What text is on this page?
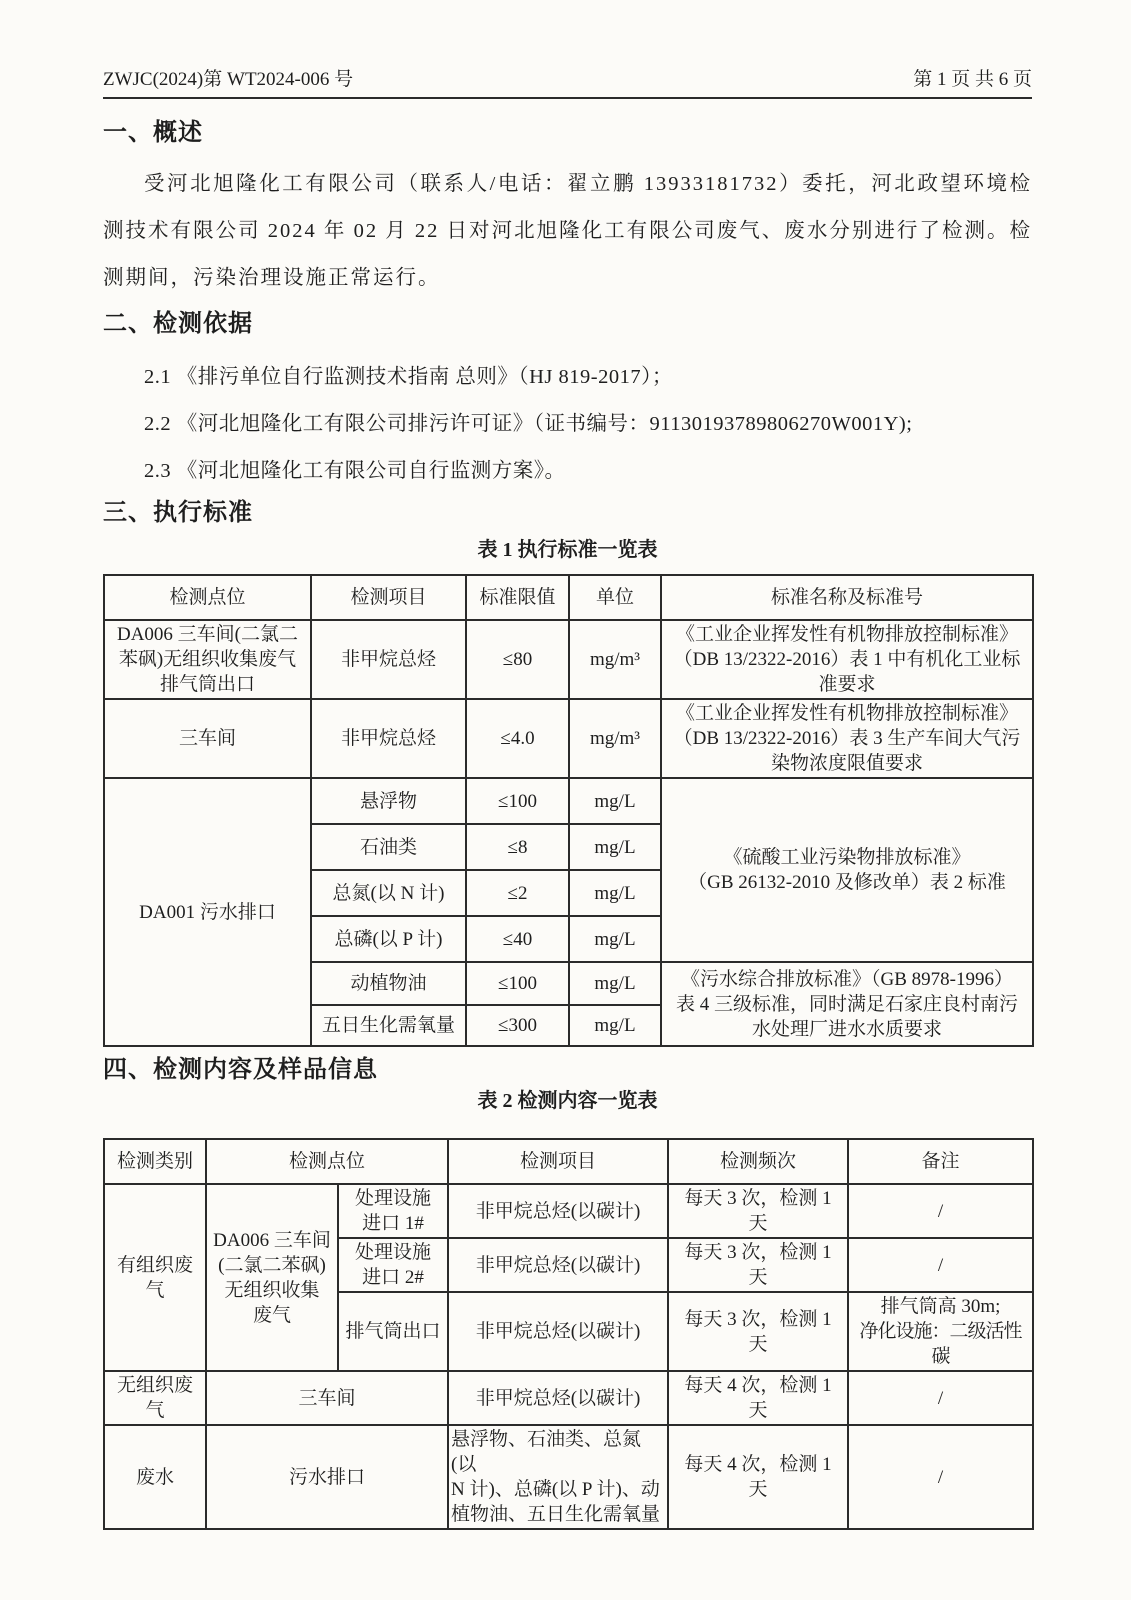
ZWJC(2024)第 WT2024-006 号	第 1 页 共 6 页
一、概述

受河北旭隆化工有限公司（联系人/电话：翟立鹏 13933181732）委托，河北政望环境检测技术有限公司 2024 年 02 月 22 日对河北旭隆化工有限公司废气、废水分别进行了检测。检测期间，污染治理设施正常运行。

二、检测依据

2.1 《排污单位自行监测技术指南 总则》（HJ 819-2017）；

2.2 《河北旭隆化工有限公司排污许可证》（证书编号：91130193789806270W001Y);

2.3 《河北旭隆化工有限公司自行监测方案》。

三、执行标准
表 1 执行标准一览表
检测点位	检测项目	标准限值	单位	标准名称及标准号

DA006 三车间(二氯二
苯砜)无组织收集废气
排气筒出口	非甲烷总烃	≤80	mg/m³	《工业企业挥发性有机物排放控制标准》
（DB 13/2322-2016）表 1 中有机化工业标
准要求

三车间	非甲烷总烃	≤4.0	mg/m³	《工业企业挥发性有机物排放控制标准》
（DB 13/2322-2016）表 3 生产车间大气污
染物浓度限值要求

DA001 污水排口	悬浮物	≤100	mg/L	《硫酸工业污染物排放标准》
（GB 26132-2010 及修改单）表 2 标准

	石油类	≤8	mg/L	
	总氮(以 N 计)	≤2	mg/L	
	总磷(以 P 计)	≤40	mg/L	
	动植物油	≤100	mg/L	《污水综合排放标准》（GB 8978-1996）
表 4 三级标准，同时满足石家庄良村南污
水处理厂进水水质要求

	五日生化需氧量	≤300	mg/L	
四、检测内容及样品信息
表 2 检测内容一览表
检测类别	检测点位		检测项目	检测频次	备注
有组织废气	DA006 三车间
(二氯二苯砜)
无组织收集
废气	处理设施
进口 1#	非甲烷总烃(以碳计)	每天 3 次，检测 1 天	/

		处理设施
进口 2#	非甲烷总烃(以碳计)	每天 3 次，检测 1 天	/
		排气筒出口	非甲烷总烃(以碳计)	每天 3 次，检测 1 天	排气筒高 30m;
净化设施：二级活性碳

无组织废气	三车间		非甲烷总烃(以碳计)	每天 4 次，检测 1 天	/
废水	污水排口		悬浮物、石油类、总氮(以
N 计)、总磷(以 P 计)、动
植物油、五日生化需氧量	每天 4 次，检测 1 天	/
